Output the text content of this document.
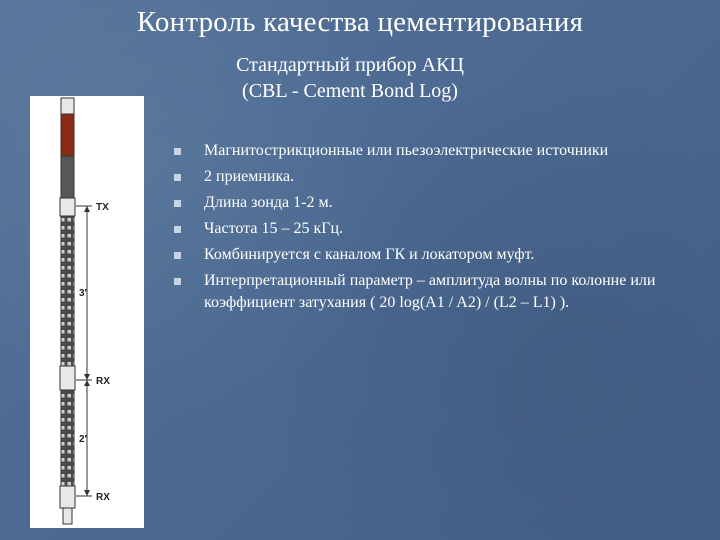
Контроль качества цементирования
Стандартный прибор АКЦ
(CBL - Cement Bond Log)
TX
3'
RX
2'
RX
Магнитострикционные или пьезоэлектрические источники
2 приемника.
Длина зонда 1-2 м.
Частота 15 – 25 кГц.
Комбинируется с каналом ГК и локатором муфт.
Интерпретационный параметр – амплитуда волны по колонне или коэффициент затухания ( 20 log(A1 / A2) / (L2 – L1) ).
